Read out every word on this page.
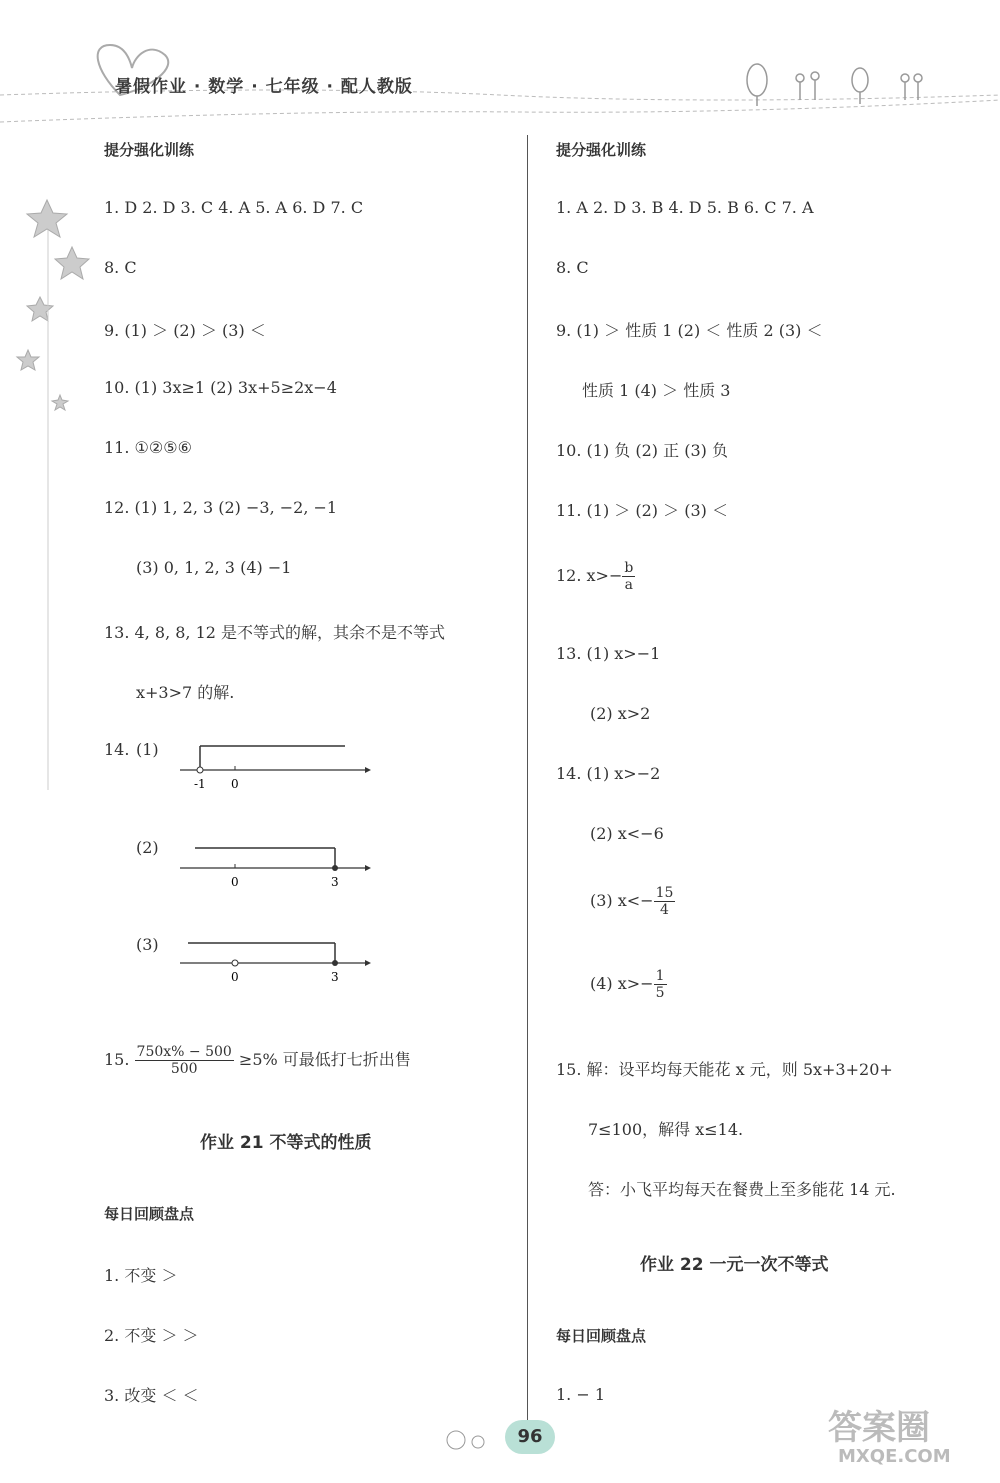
暑假作业 · 数学 · 七年级 · 配人教版
提分强化训练
1. D 2. D 3. C 4. A 5. A 6. D 7. C
8. C
9. (1) ＞ (2) ＞ (3) ＜
10. (1) 3x≥1 (2) 3x+5≥2x−4
11. ①②⑤⑥
12. (1) 1, 2, 3 (2) −3, −2, −1
(3) 0, 1, 2, 3 (4) −1
13. 4, 8, 8, 12 是不等式的解，其余不是不等式
x+3>7 的解.
14. (1)
-1 0
(2)
0	3
(3)
0	3
15. $\frac{750x\% - 500}{500} \ge 5\%$ 可最低打七折出售
作业 21 不等式的性质
每日回顾盘点
1. 不变 ＞
2. 不变 ＞ ＞
3. 改变 ＜ ＜
提分强化训练
1. A 2. D 3. B 4. D 5. B 6. C 7. A
8. C
9. (1) ＞ 性质 1 (2) ＜ 性质 2 (3) ＜
性质 1 (4) ＞ 性质 3
10. (1) 负 (2) 正 (3) 负
11. (1) ＞ (2) ＞ (3) ＜
12. $x>- \frac{b}{a}$
13. (1) x>−1
(2) x>2
14. (1) x>−2
(2) x<−6
(3) $x<- \frac{15}{4}$
(4) $x>- \frac{1}{5}$
15. 解：设平均每天能花 x 元，则 5x+3+20+
7≤100，解得 x≤14.
答：小飞平均每天在餐费上至多能花 14 元.
作业 22 一元一次不等式
每日回顾盘点
1. − 1
96	答案圈
MXQE.COM
